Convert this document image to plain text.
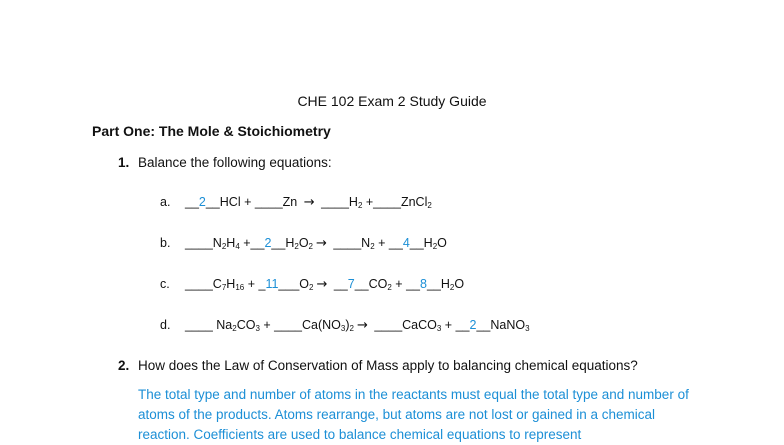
CHE 102 Exam 2 Study Guide
Part One: The Mole & Stoichiometry
1. Balance the following equations:
a. __2__HCl + ____Zn → $\_\_\_\_H_2$ +____ZnCl$_2$
b. $\_\_\_\_N_2H_4$ $+\_\_2\_\_H_2O_2$ → $\_\_\_\_N_2$ + $\_\_4\_\_H_2O$
c. $\_\_\_\_C_7H_{16}$ + $\_11\_\_\_O_2$ → $\_\_7\_\_CO_2$ + $\_\_8\_\_H_2O$
d. ____ $Na_2CO_3$ + $\_\_\_\_Ca(NO_3)_2$ → ____CaCO$_3$ + __2__NaNO$_3$
2. How does the Law of Conservation of Mass apply to balancing chemical equations?
The total type and number of atoms in the reactants must equal the total type and number of atoms of the products. Atoms rearrange, but atoms are not lost or gained in a chemical reaction. Coefficients are used to balance chemical equations to represent
